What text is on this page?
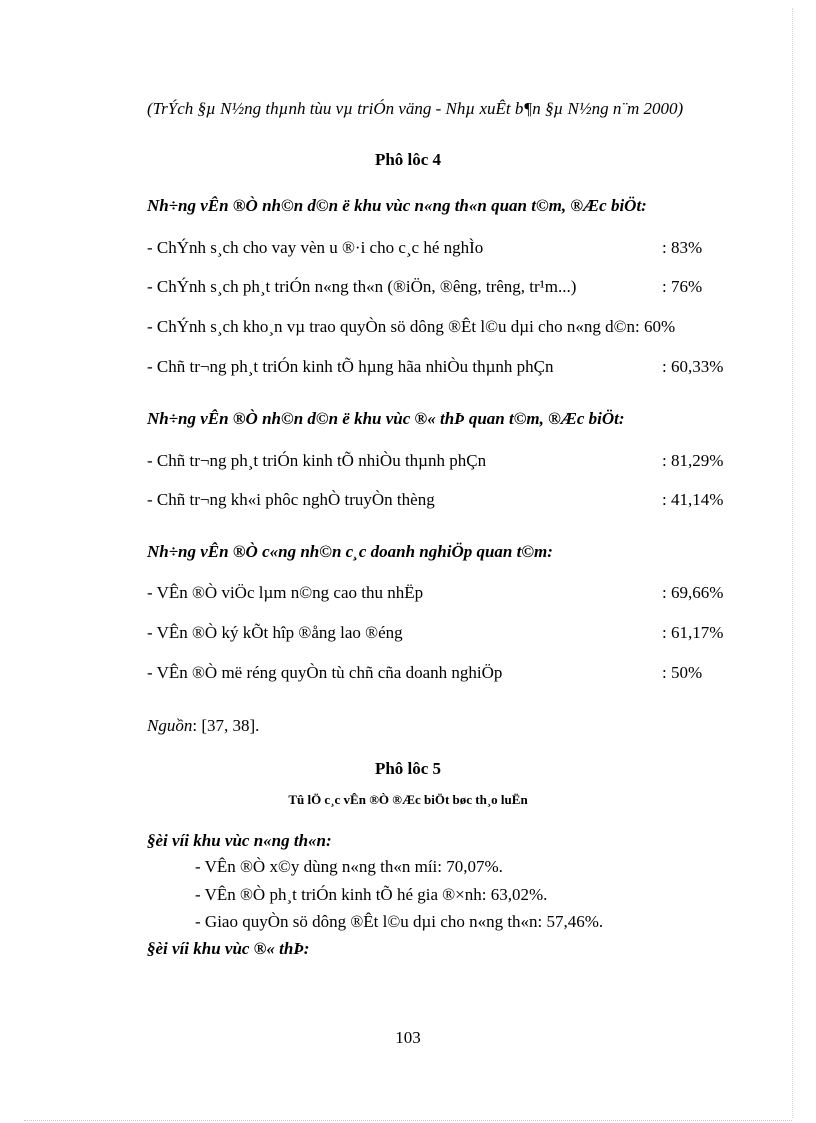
(TrÝch §µ N½ng thµnh tùu vµ triÓn väng - Nhµ xuÊt b¶n §µ N½ng n¨m 2000)
Phô lôc 4
Nh÷ng vÊn ®Ò nh©n d©n ë khu vùc n«ng th«n quan t©m, ®Æc biÖt:
- ChÝnh s¸ch cho vay vèn u ®·i cho c¸c hé nghÌo	: 83%
- ChÝnh s¸ch ph¸t triÓn n«ng th«n (®iÖn, ®êng, trêng, tr¹m...)	: 76%
- ChÝnh s¸ch kho¸n vµ trao quyÒn sö dông ®Êt l©u dµi cho n«ng d©n: 60%
- Chñ tr¬ng ph¸t triÓn kinh tÕ hµng hãa nhiÒu thµnh phÇn	: 60,33%
Nh÷ng vÊn ®Ò nh©n d©n ë khu vùc ®« thÞ quan t©m, ®Æc biÖt:
- Chñ tr¬ng ph¸t triÓn kinh tÕ nhiÒu thµnh phÇn	: 81,29%
- Chñ tr¬ng kh«i phôc nghÒ truyÒn thèng	: 41,14%
Nh÷ng vÊn ®Ò c«ng nh©n c¸c doanh nghiÖp quan t©m:
- VÊn ®Ò viÖc lµm n©ng cao thu nhËp	: 69,66%
- VÊn ®Ò ký kÕt hîp ®ång lao ®éng	: 61,17%
- VÊn ®Ò më réng quyÒn tù chñ cña doanh nghiÖp	: 50%
Nguồn: [37, 38].
Phô lôc 5
Tû lÖ c¸c vÊn ®Ò ®Æc biÖt bøc th¸o luËn
§èi víi khu vùc n«ng th«n:
- VÊn ®Ò x©y dùng n«ng th«n míi: 70,07%.
- VÊn ®Ò ph¸t triÓn kinh tÕ hé gia ®×nh: 63,02%.
- Giao quyÒn sö dông ®Êt l©u dµi cho n«ng th«n: 57,46%.
§èi víi khu vùc ®« thÞ:
103
